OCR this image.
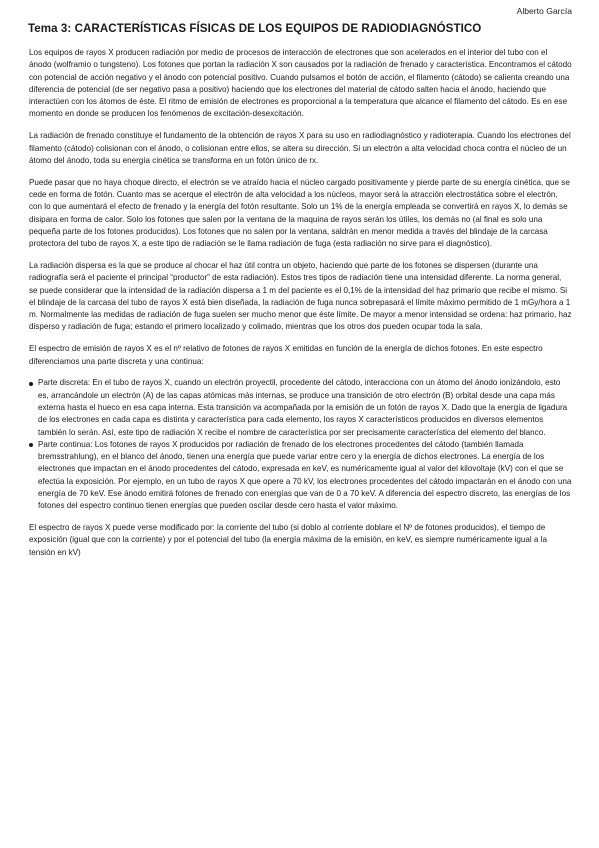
Alberto García
Tema 3: CARACTERÍSTICAS FÍSICAS DE LOS EQUIPOS DE RADIODIAGNÓSTICO

Los equipos de rayos X producen radiación por medio de procesos de interacción de electrones que son acelerados en el interior del tubo con el ánodo (wolframio o tungsteno). Los fotones que portan la radiación X son causados por la radiación de frenado y característica. Encontramos el cátodo con potencial de acción negativo y el ánodo con potencial positivo. Cuando pulsamos el botón de acción, el filamento (cátodo) se calienta creando una diferencia de potencial (de ser negativo pasa a positivo) haciendo que los electrones del material de cátodo salten hacia el ánodo, haciendo que interactúen con los átomos de éste. El ritmo de emisión de electrones es proporcional a la temperatura que alcance el filamento del cátodo. Es en ese momento en donde se producen los fenómenos de excitación-desexcitación.

La radiación de frenado constituye el fundamento de la obtención de rayos X para su uso en radiodiagnóstico y radioterapia. Cuando los electrones del filamento (cátodo) colisionan con el ánodo, o colisionan entre ellos, se altera su dirección. Si un electrón a alta velocidad choca contra el núcleo de un átomo del ánodo, toda su energía cinética se transforma en un fotón único de rx.

Puede pasar que no haya choque directo, el electrón se ve atraído hacia el núcleo cargado positivamente y pierde parte de su energía cinética, que se cede en forma de fotón. Cuanto mas se acerque el electrón de alta velocidad a los núcleos, mayor será la atracción electrostática sobre el electrón, con lo que aumentará el efecto de frenado y la energía del fotón resultante. Solo un 1% de la energía empleada se convertirá en rayos X, lo demás se disipara en forma de calor. Solo los fotones que salen por la ventana de la maquina de rayos serán los útiles, los demás no (al final es solo una pequeña parte de los fotones producidos). Los fotones que no salen por la ventana, saldrán en menor medida a través del blindaje de la carcasa protectora del tubo de rayos X, a este tipo de radiación se le llama radiación de fuga (esta radiación no sirve para el diagnóstico).

La radiación dispersa es la que se produce al chocar el haz útil contra un objeto, haciendo que parte de los fotones se dispersen (durante una radiografía será el paciente el principal “productor” de esta radiación). Estos tres tipos de radiación tiene una intensidad diferente. La norma general, se puede considerar que la intensidad de la radiación dispersa a 1 m del paciente es el 0,1% de la intensidad del haz primario que recibe el mismo. Si el blindaje de la carcasa del tubo de rayos X está bien diseñada, la radiación de fuga nunca sobrepasará el límite máximo permitido de 1 mGy/hora a 1 m. Normalmente las medidas de radiación de fuga suelen ser mucho menor que éste límite. De mayor a menor intensidad se ordena: haz primario, haz disperso y radiación de fuga; estando el primero localizado y colimado, mientras que los otros dos pueden ocupar toda la sala.

El espectro de emisión de rayos X es el nº relativo de fotones de rayos X emitidas en función de la energía de dichos fotones. En este espectro diferenciamos una parte discreta y una continua:

Parte discreta: En el tubo de rayos X, cuando un electrón proyectil, procedente del cátodo, interacciona con un átomo del ánodo ionizándolo, esto es, arrancándole un electrón (A) de las capas atómicas más internas, se produce una transición de otro electrón (B) orbital desde una capa más externa hasta el hueco en esa capa interna. Esta transición va acompañada por la emisión de un fotón de rayos X. Dado que la energía de ligadura de los electrones en cada capa es distinta y característica para cada elemento, los rayos X característicos producidos en diversos elementos también lo serán. Así, este tipo de radiación X recibe el nombre de característica por ser precisamente característica del elemento del blanco.
Parte continua: Los fotones de rayos X producidos por radiación de frenado de los electrones procedentes del cátodo (también llamada bremsstrahlung), en el blanco del ánodo, tienen una energía que puede variar entre cero y la energía de dichos electrones. La energía de los electrones que impactan en el ánodo procedentes del cátodo, expresada en keV, es numéricamente igual al valor del kilovoltaje (kV) con el que se efectúa la exposición. Por ejemplo, en un tubo de rayos X que opere a 70 kV, los electrones procedentes del cátodo impactarán en el ánodo con una energía de 70 keV. Ese ánodo emitirá fotones de frenado con energías que van de 0 a 70 keV. A diferencia del espectro discreto, las energías de los fotones del espectro continuo tienen energías que pueden oscilar desde cero hasta el valor máximo.

El espectro de rayos X puede verse modificado por: la corriente del tubo (si doblo al corriente doblare el Nº de fotones producidos), el tiempo de exposición (igual que con la corriente) y por el potencial del tubo (la energía máxima de la emisión, en keV, es siempre numéricamente igual a la tensión en kV)
